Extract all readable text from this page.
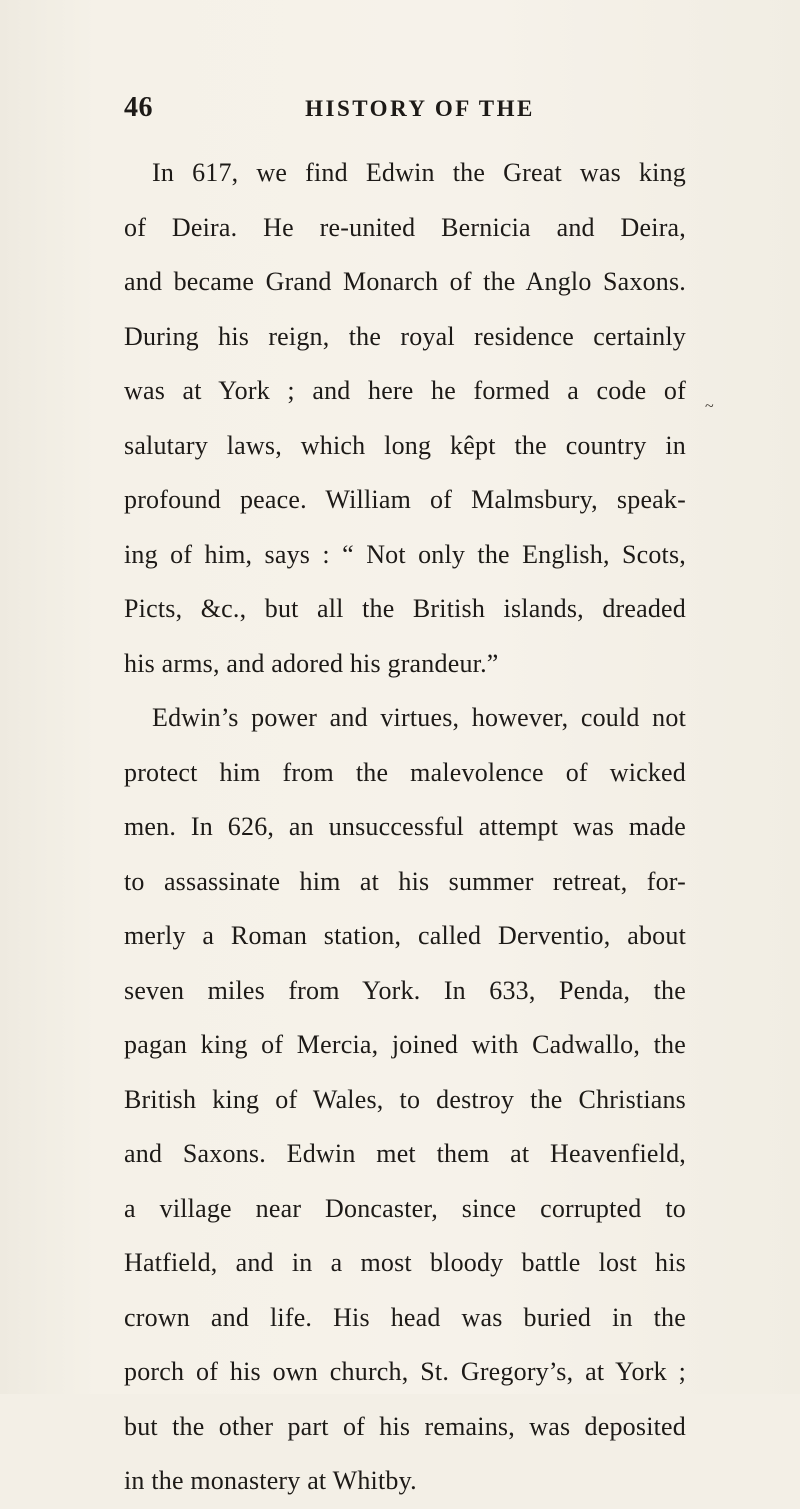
46	HISTORY OF THE
In 617, we find Edwin the Great was king
of Deira. He re-united Bernicia and Deira,
and became Grand Monarch of the Anglo Saxons.
During his reign, the royal residence certainly
was at York ; and here he formed a code of
salutary laws, which long kêpt the country in
profound peace. William of Malmsbury, speak-
ing of him, says : “ Not only the English, Scots,
Picts, &c., but all the British islands, dreaded
his arms, and adored his grandeur.”
Edwin’s power and virtues, however, could not
protect him from the malevolence of wicked
men. In 626, an unsuccessful attempt was made
to assassinate him at his summer retreat, for-
merly a Roman station, called Derventio, about
seven miles from York. In 633, Penda, the
pagan king of Mercia, joined with Cadwallo, the
British king of Wales, to destroy the Christians
and Saxons. Edwin met them at Heavenfield,
a village near Doncaster, since corrupted to
Hatfield, and in a most bloody battle lost his
crown and life. His head was buried in the
porch of his own church, St. Gregory’s, at York ;
but the other part of his remains, was deposited
in the monastery at Whitby.
~
